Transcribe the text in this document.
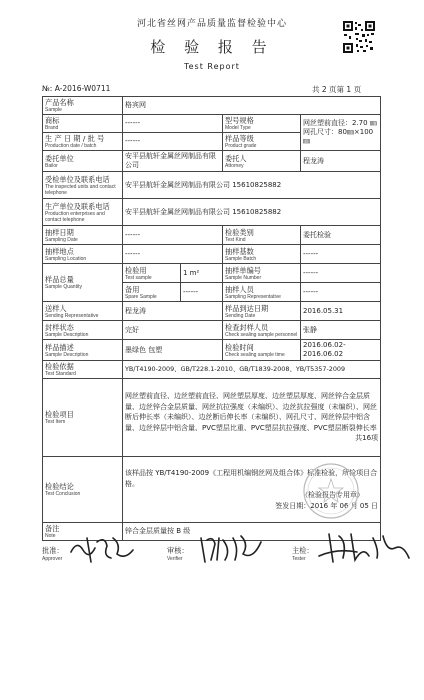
河北省丝网产品质量监督检验中心
检 验 报 告
Test Report
№: A-2016-W0711	共 2 页第 1 页
产品名称
Sample	格宾网			

商标
Brand	------		型号规格
Model Type	网丝塑前直径：2.70 ㎜
网孔尺寸：80㎜×100㎜

生 产 日 期 / 批 号
Production date / batch	------		样品等级
Product grade	

委托单位
Bailor	安平县航轩金属丝网制品有限公司		委托人
Attorney	程龙涛

受检单位及联系电话
The inspected units and contact telephone	安平县航轩金属丝网制品有限公司 15610825882			

生产单位及联系电话
Production enterprises and contact telephone	安平县航轩金属丝网制品有限公司 15610825882			

抽样日期
Sampling Date	------		检验类别
Test Kind	委托检验

抽样地点
Sampling Location	------		抽样基数
Sample Batch	------

样品总量
Sample Quantity	检验用
Test sample	1 m²	抽样单编号
Sample Number	------

	备用
Spare Sample	------	抽样人员
Sampling Representative	------

送样人
Sending Representative	程龙涛		样品到达日期
Sending Date	2016.05.31

封样状态
Sample Description	完好		检查封样人员
Check sealing sample personnel	张静

样品描述
Sample Description	墨绿色 包塑		检验时间
Check sealing sample time	2016.06.02-2016.06.02

检验依据
Test Standard	YB/T4190-2009、GB/T228.1-2010、GB/T1839-2008、YB/T5357-2009			

检验项目
Test Item	网丝塑前直径、边丝塑前直径、网丝塑层厚度、边丝塑层厚度、网丝锌合金层质量、边丝锌合金层质量、网丝抗拉强度（未编织）、边丝抗拉强度（未编织）、网丝断后伸长率（未编织）、边丝断后伸长率（未编织）、网孔尺寸、网丝锌层中铝含量、边丝锌层中铝含量、PVC塑层比重、PVC塑层抗拉强度、PVC塑层断裂伸长率
共16项			

检验结论
Test Conclusion	该样品按 YB/T4190-2009《工程用机编钢丝网及组合体》标准检验，所检项目合格。
（检验报告专用章）
签发日期：2016 年 06 月 05 日			

备注
Note	锌合金层质量按 B 级			
批准：
Approver
审核：
Verifier
主检：
Tester
